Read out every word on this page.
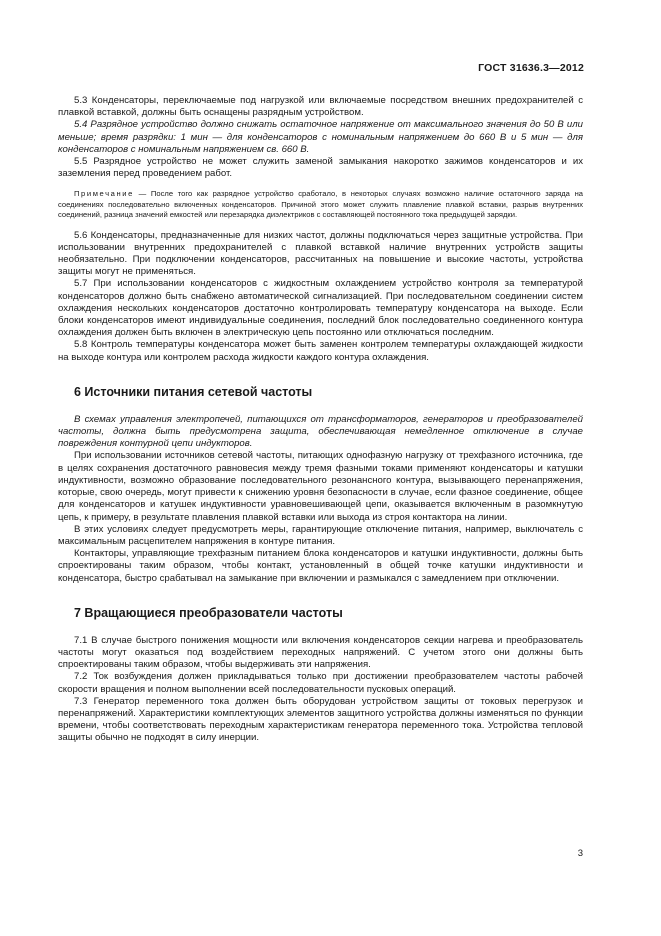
ГОСТ 31636.3—2012

5.3 Конденсаторы, переключаемые под нагрузкой или включаемые посредством внешних предохранителей с плавкой вставкой, должны быть оснащены разрядным устройством.

5.4 Разрядное устройство должно снижать остаточное напряжение от максимального значения до 50 В или меньше; время разрядки: 1 мин — для конденсаторов с номинальным напряжением до 660 В и 5 мин — для конденсаторов с номинальным напряжением св. 660 В.

5.5 Разрядное устройство не может служить заменой замыкания накоротко зажимов конденсаторов и их заземления перед проведением работ.

Примечание — После того как разрядное устройство сработало, в некоторых случаях возможно наличие остаточного заряда на соединениях последовательно включенных конденсаторов. Причиной этого может служить плавление плавкой вставки, разрыв внутренних соединений, разница значений емкостей или перезарядка диэлектриков с составляющей постоянного тока предыдущей зарядки.

5.6 Конденсаторы, предназначенные для низких частот, должны подключаться через защитные устройства. При использовании внутренних предохранителей с плавкой вставкой наличие внутренних устройств защиты необязательно. При подключении конденсаторов, рассчитанных на повышение и высокие частоты, устройства защиты могут не применяться.

5.7 При использовании конденсаторов с жидкостным охлаждением устройство контроля за температурой конденсаторов должно быть снабжено автоматической сигнализацией. При последовательном соединении систем охлаждения нескольких конденсаторов достаточно контролировать температуру конденсатора на выходе. Если блоки конденсаторов имеют индивидуальные соединения, последний блок последовательно соединенного контура охлаждения должен быть включен в электрическую цепь постоянно или отключаться последним.

5.8 Контроль температуры конденсатора может быть заменен контролем температуры охлаждающей жидкости на выходе контура или контролем расхода жидкости каждого контура охлаждения.

6 Источники питания сетевой частоты

В схемах управления электропечей, питающихся от трансформаторов, генераторов и преобразователей частоты, должна быть предусмотрена защита, обеспечивающая немедленное отключение в случае повреждения контурной цепи индукторов.

При использовании источников сетевой частоты, питающих однофазную нагрузку от трехфазного источника, где в целях сохранения достаточного равновесия между тремя фазными токами применяют конденсаторы и катушки индуктивности, возможно образование последовательного резонансного контура, вызывающего перенапряжения, которые, свою очередь, могут привести к снижению уровня безопасности в случае, если фазное соединение, общее для конденсаторов и катушек индуктивности уравновешивающей цепи, оказывается включенным в разомкнутую цепь, к примеру, в результате плавления плавкой вставки или выхода из строя контактора на линии.

В этих условиях следует предусмотреть меры, гарантирующие отключение питания, например, выключатель с максимальным расцепителем напряжения в контуре питания.

Контакторы, управляющие трехфазным питанием блока конденсаторов и катушки индуктивности, должны быть спроектированы таким образом, чтобы контакт, установленный в общей точке катушки индуктивности и конденсатора, быстро срабатывал на замыкание при включении и размыкался с замедлением при отключении.

7 Вращающиеся преобразователи частоты

7.1 В случае быстрого понижения мощности или включения конденсаторов секции нагрева и преобразователь частоты могут оказаться под воздействием переходных напряжений. С учетом этого они должны быть спроектированы таким образом, чтобы выдерживать эти напряжения.

7.2 Ток возбуждения должен прикладываться только при достижении преобразователем частоты рабочей скорости вращения и полном выполнении всей последовательности пусковых операций.

7.3 Генератор переменного тока должен быть оборудован устройством защиты от токовых перегрузок и перенапряжений. Характеристики комплектующих элементов защитного устройства должны изменяться по функции времени, чтобы соответствовать переходным характеристикам генератора переменного тока. Устройства тепловой защиты обычно не подходят в силу инерции.

3
